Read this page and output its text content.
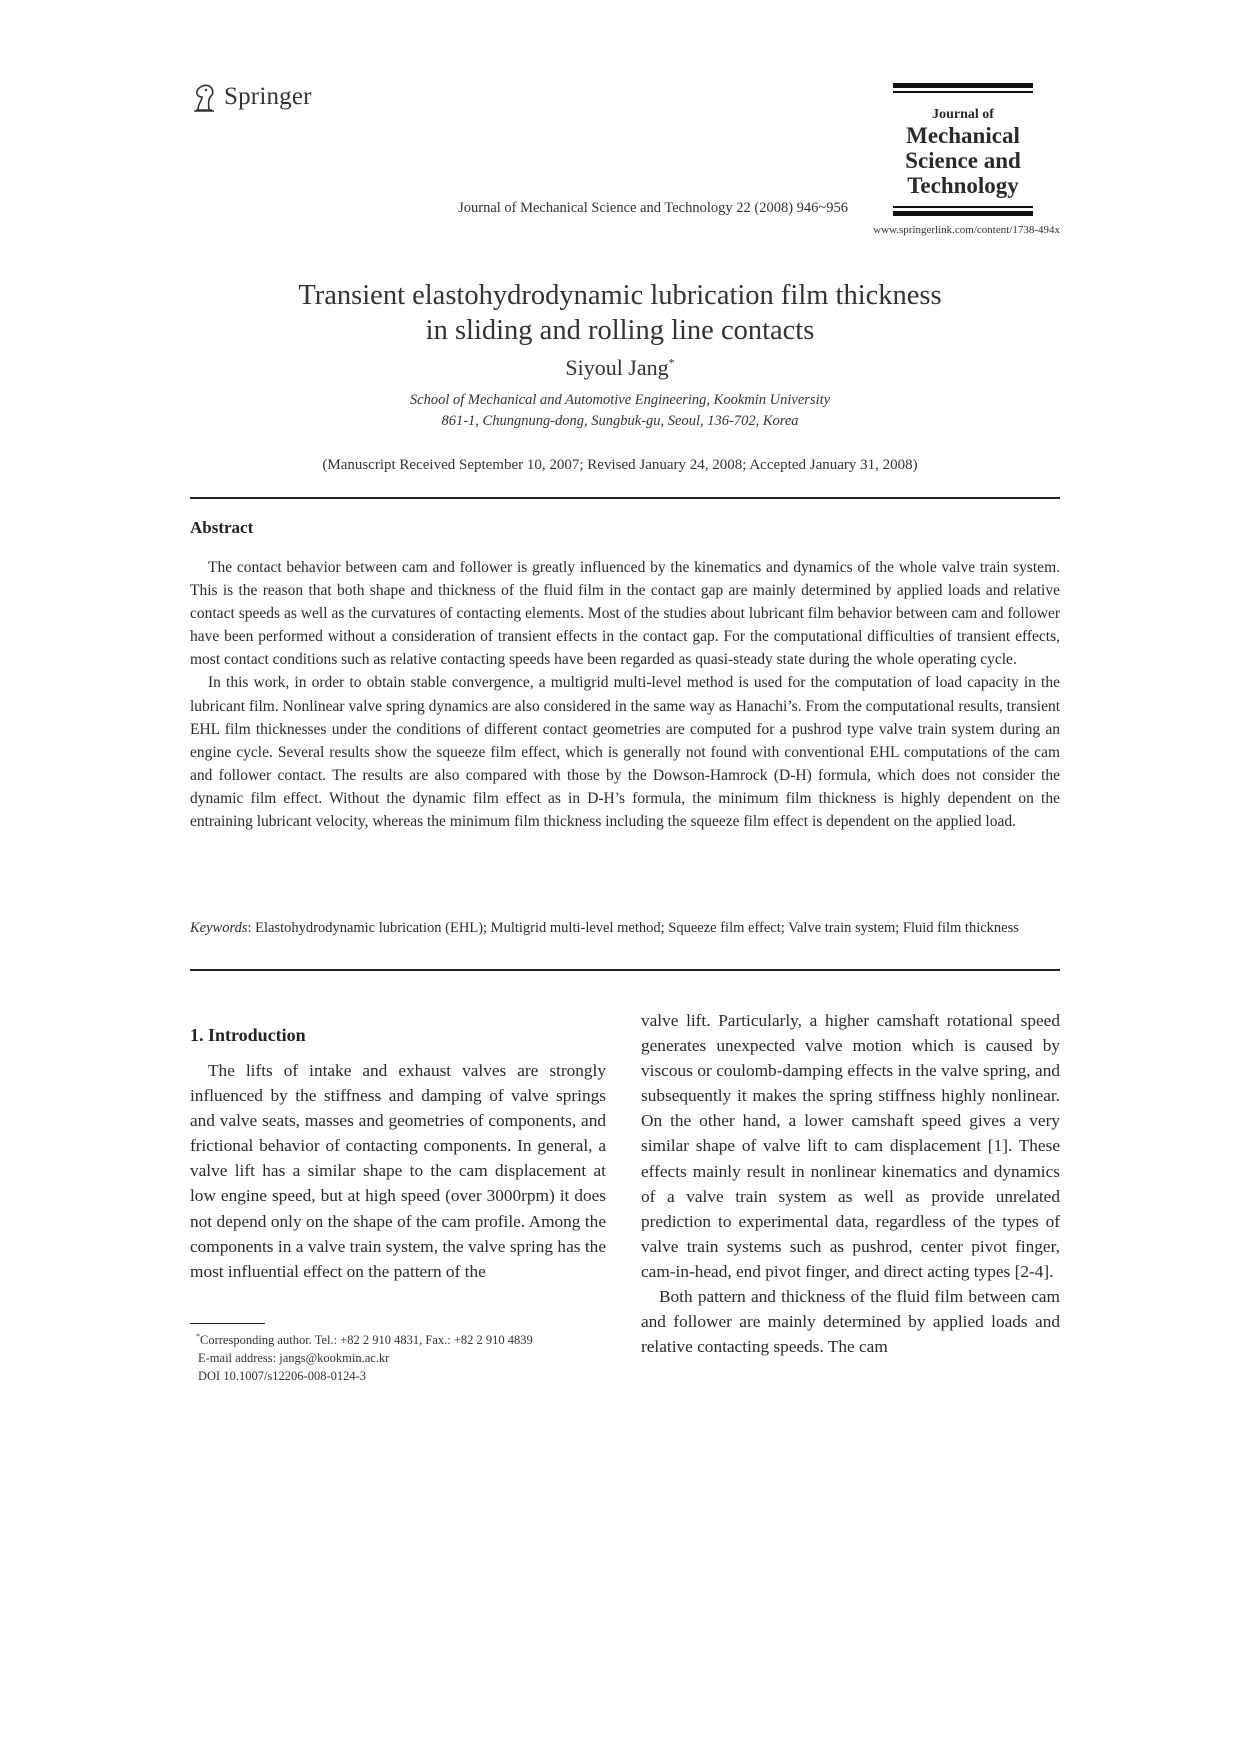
Springer
Journal of
Mechanical
Science and
Technology
Journal of Mechanical Science and Technology 22 (2008) 946~956
www.springerlink.com/content/1738-494x
Transient elastohydrodynamic lubrication film thickness
in sliding and rolling line contacts
Siyoul Jang*
School of Mechanical and Automotive Engineering, Kookmin University
861-1, Chungnung-dong, Sungbuk-gu, Seoul, 136-702, Korea
(Manuscript Received September 10, 2007; Revised January 24, 2008; Accepted January 31, 2008)
Abstract

The contact behavior between cam and follower is greatly influenced by the kinematics and dynamics of the whole valve train system. This is the reason that both shape and thickness of the fluid film in the contact gap are mainly determined by applied loads and relative contact speeds as well as the curvatures of contacting elements. Most of the studies about lubricant film behavior between cam and follower have been performed without a consideration of transient effects in the contact gap. For the computational difficulties of transient effects, most contact conditions such as relative contacting speeds have been regarded as quasi-steady state during the whole operating cycle.

In this work, in order to obtain stable convergence, a multigrid multi-level method is used for the computation of load capacity in the lubricant film. Nonlinear valve spring dynamics are also considered in the same way as Hanachi’s. From the computational results, transient EHL film thicknesses under the conditions of different contact geometries are computed for a pushrod type valve train system during an engine cycle. Several results show the squeeze film effect, which is generally not found with conventional EHL computations of the cam and follower contact. The results are also compared with those by the Dowson-Hamrock (D-H) formula, which does not consider the dynamic film effect. Without the dynamic film effect as in D-H’s formula, the minimum film thickness is highly dependent on the entraining lubricant velocity, whereas the minimum film thickness including the squeeze film effect is dependent on the applied load.

Keywords : Elastohydrodynamic lubrication (EHL); Multigrid multi-level method; Squeeze film effect; Valve train system; Fluid film thickness
1. Introduction

The lifts of intake and exhaust valves are strongly influenced by the stiffness and damping of valve springs and valve seats, masses and geometries of components, and frictional behavior of contacting components. In general, a valve lift has a similar shape to the cam displacement at low engine speed, but at high speed (over 3000rpm) it does not depend only on the shape of the cam profile. Among the components in a valve train system, the valve spring has the most influential effect on the pattern of the

valve lift. Particularly, a higher camshaft rotational speed generates unexpected valve motion which is caused by viscous or coulomb-damping effects in the valve spring, and subsequently it makes the spring stiffness highly nonlinear. On the other hand, a lower camshaft speed gives a very similar shape of valve lift to cam displacement [1]. These effects mainly result in nonlinear kinematics and dynamics of a valve train system as well as provide unrelated prediction to experimental data, regardless of the types of valve train systems such as pushrod, center pivot finger, cam-in-head, end pivot finger, and direct acting types [2-4].

Both pattern and thickness of the fluid film between cam and follower are mainly determined by applied loads and relative contacting speeds. The cam

*Corresponding author. Tel.: +82 2 910 4831, Fax.: +82 2 910 4839
E-mail address: jangs@kookmin.ac.kr
DOI 10.1007/s12206-008-0124-3
